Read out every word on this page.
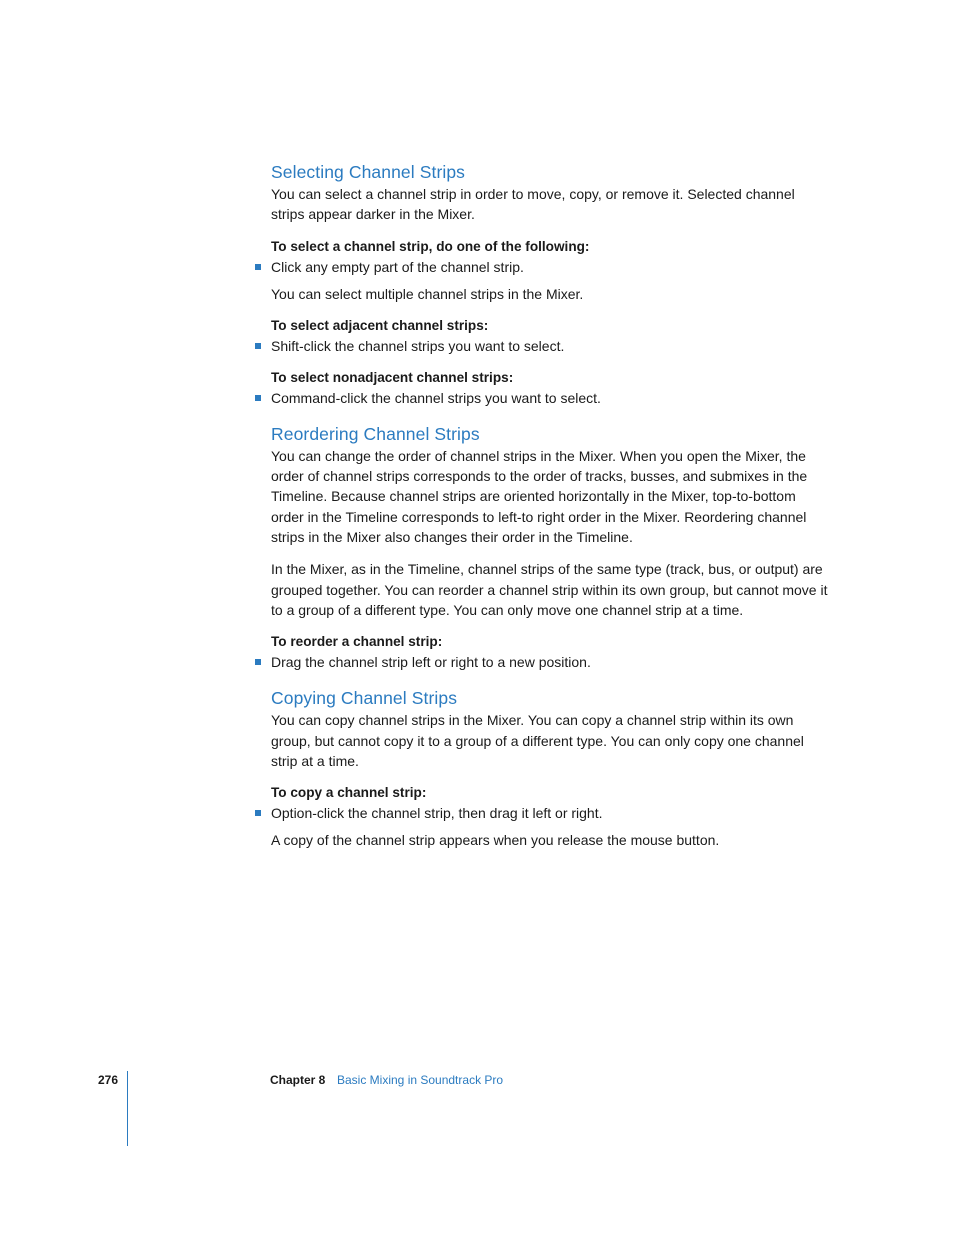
Selecting Channel Strips

You can select a channel strip in order to move, copy, or remove it. Selected channel strips appear darker in the Mixer.

To select a channel strip, do one of the following:
Click any empty part of the channel strip.

You can select multiple channel strips in the Mixer.

To select adjacent channel strips:
Shift-click the channel strips you want to select.
To select nonadjacent channel strips:
Command-click the channel strips you want to select.
Reordering Channel Strips

You can change the order of channel strips in the Mixer. When you open the Mixer, the order of channel strips corresponds to the order of tracks, busses, and submixes in the Timeline. Because channel strips are oriented horizontally in the Mixer, top-to-bottom order in the Timeline corresponds to left-to right order in the Mixer. Reordering channel strips in the Mixer also changes their order in the Timeline.

In the Mixer, as in the Timeline, channel strips of the same type (track, bus, or output) are grouped together. You can reorder a channel strip within its own group, but cannot move it to a group of a different type. You can only move one channel strip at a time.

To reorder a channel strip:
Drag the channel strip left or right to a new position.
Copying Channel Strips

You can copy channel strips in the Mixer. You can copy a channel strip within its own group, but cannot copy it to a group of a different type. You can only copy one channel strip at a time.

To copy a channel strip:
Option-click the channel strip, then drag it left or right.

A copy of the channel strip appears when you release the mouse button.

276	Chapter 8 Basic Mixing in Soundtrack Pro
